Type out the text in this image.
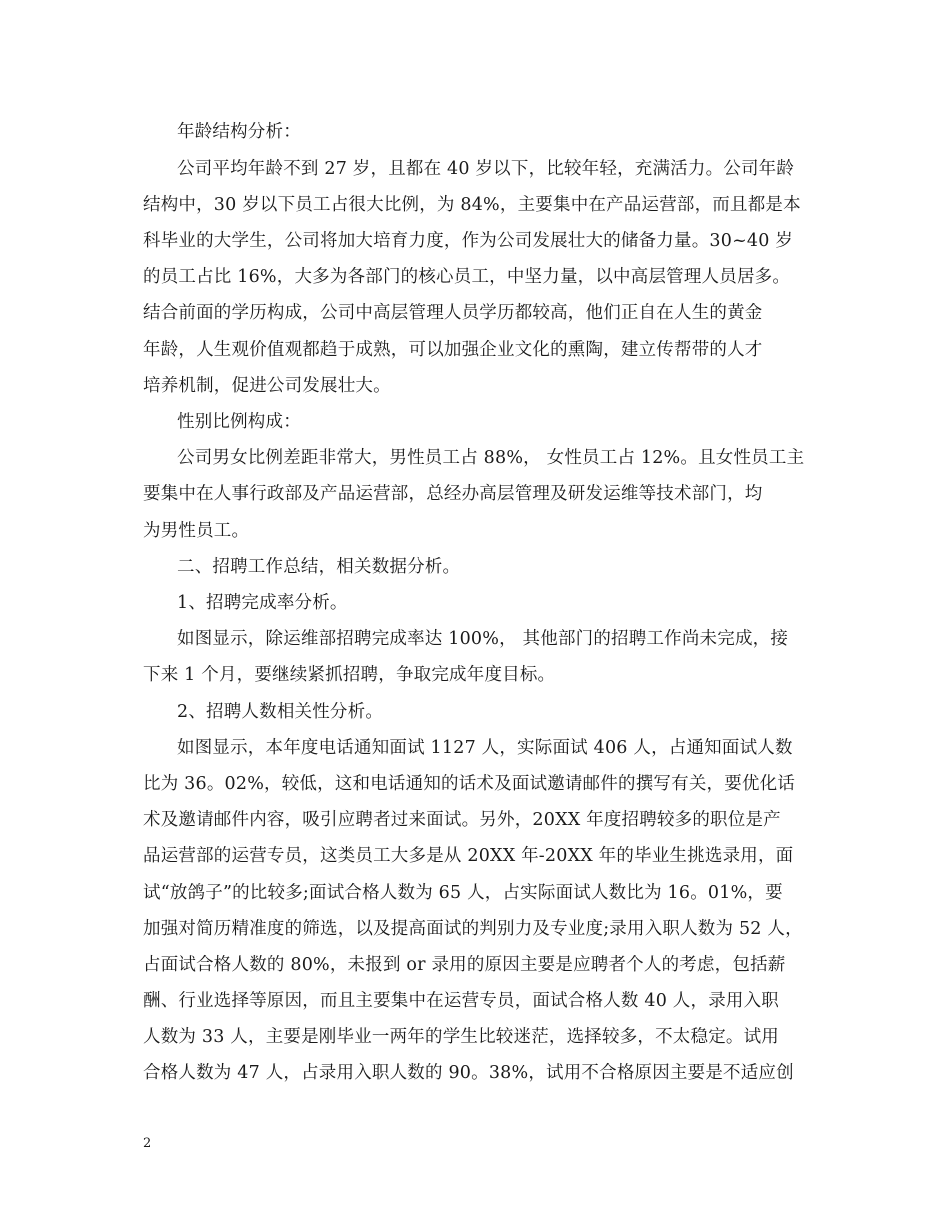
年龄结构分析：
公司平均年龄不到 27 岁，且都在 40 岁以下，比较年轻，充满活力。公司年龄
结构中，30 岁以下员工占很大比例，为 84%，主要集中在产品运营部，而且都是本
科毕业的大学生，公司将加大培育力度，作为公司发展壮大的储备力量。30~40 岁
的员工占比 16%，大多为各部门的核心员工，中坚力量，以中高层管理人员居多。
结合前面的学历构成，公司中高层管理人员学历都较高，他们正自在人生的黄金
年龄，人生观价值观都趋于成熟，可以加强企业文化的熏陶，建立传帮带的人才
培养机制，促进公司发展壮大。
性别比例构成：
公司男女比例差距非常大，男性员工占 88%， 女性员工占 12%。且女性员工主
要集中在人事行政部及产品运营部，总经办高层管理及研发运维等技术部门，均
为男性员工。
二、招聘工作总结，相关数据分析。
1、招聘完成率分析。
如图显示，除运维部招聘完成率达 100%， 其他部门的招聘工作尚未完成，接
下来 1 个月，要继续紧抓招聘，争取完成年度目标。
2、招聘人数相关性分析。
如图显示，本年度电话通知面试 1127 人，实际面试 406 人，占通知面试人数
比为 36。02%，较低，这和电话通知的话术及面试邀请邮件的撰写有关，要优化话
术及邀请邮件内容，吸引应聘者过来面试。另外，20XX 年度招聘较多的职位是产
品运营部的运营专员，这类员工大多是从 20XX 年-20XX 年的毕业生挑选录用，面
试“放鸽子”的比较多;面试合格人数为 65 人，占实际面试人数比为 16。01%，要
加强对简历精准度的筛选，以及提高面试的判别力及专业度;录用入职人数为 52 人，
占面试合格人数的 80%，未报到 or 录用的原因主要是应聘者个人的考虑，包括薪
酬、行业选择等原因，而且主要集中在运营专员，面试合格人数 40 人，录用入职
人数为 33 人，主要是刚毕业一两年的学生比较迷茫，选择较多，不太稳定。试用
合格人数为 47 人，占录用入职人数的 90。38%，试用不合格原因主要是不适应创
2
